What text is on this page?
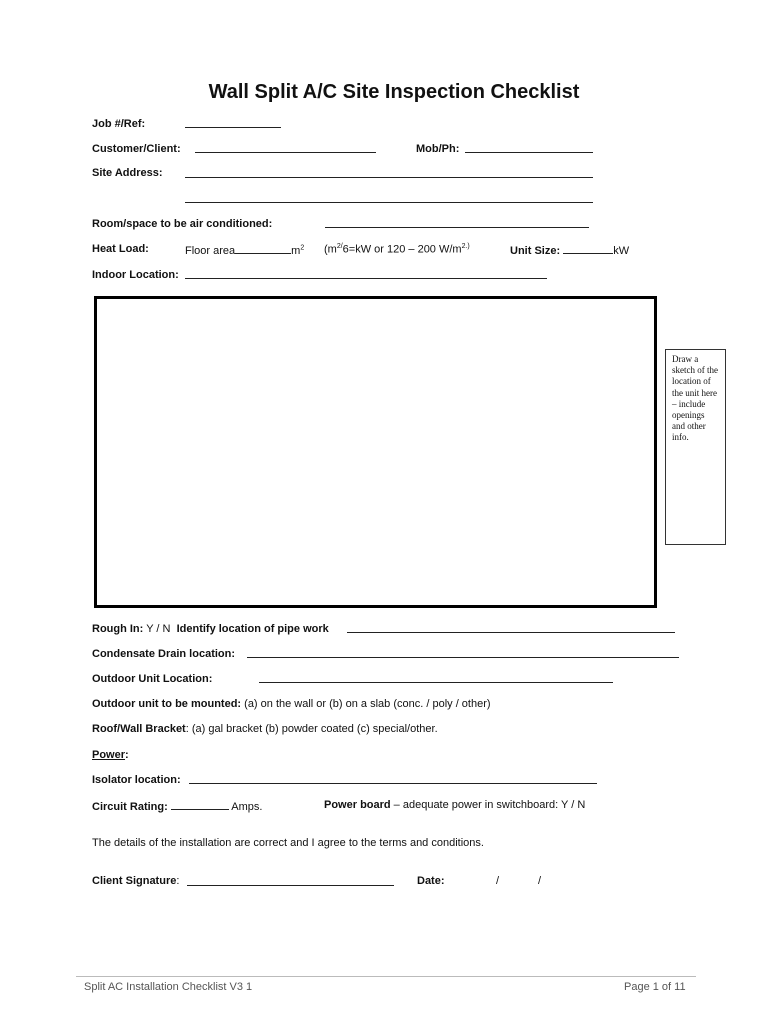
Wall Split A/C Site Inspection Checklist
Job #/Ref:
Customer/Client:	Mob/Ph:
Site Address:
Room/space to be air conditioned:
Heat Load:	Floor area	$m^2$ ($m^{2/}6=kW$ or 120 – 200 $W/m^{2.)}$	Unit Size:	kW
Indoor Location:
Draw a sketch of the location of the unit here – include openings and other info.
Rough In: Y / N Identify location of pipe work
Condensate Drain location:
Outdoor Unit Location:
Outdoor unit to be mounted: (a) on the wall or (b) on a slab (conc. / poly / other)
Roof/Wall Bracket: (a) gal bracket (b) powder coated (c) special/other.
Power:
Isolator location:
Circuit Rating:	Amps.	Power board – adequate power in switchboard: Y / N
The details of the installation are correct and I agree to the terms and conditions.
Client Signature:	Date:	/	/
Split AC Installation Checklist V3 1	Page 1 of 11
